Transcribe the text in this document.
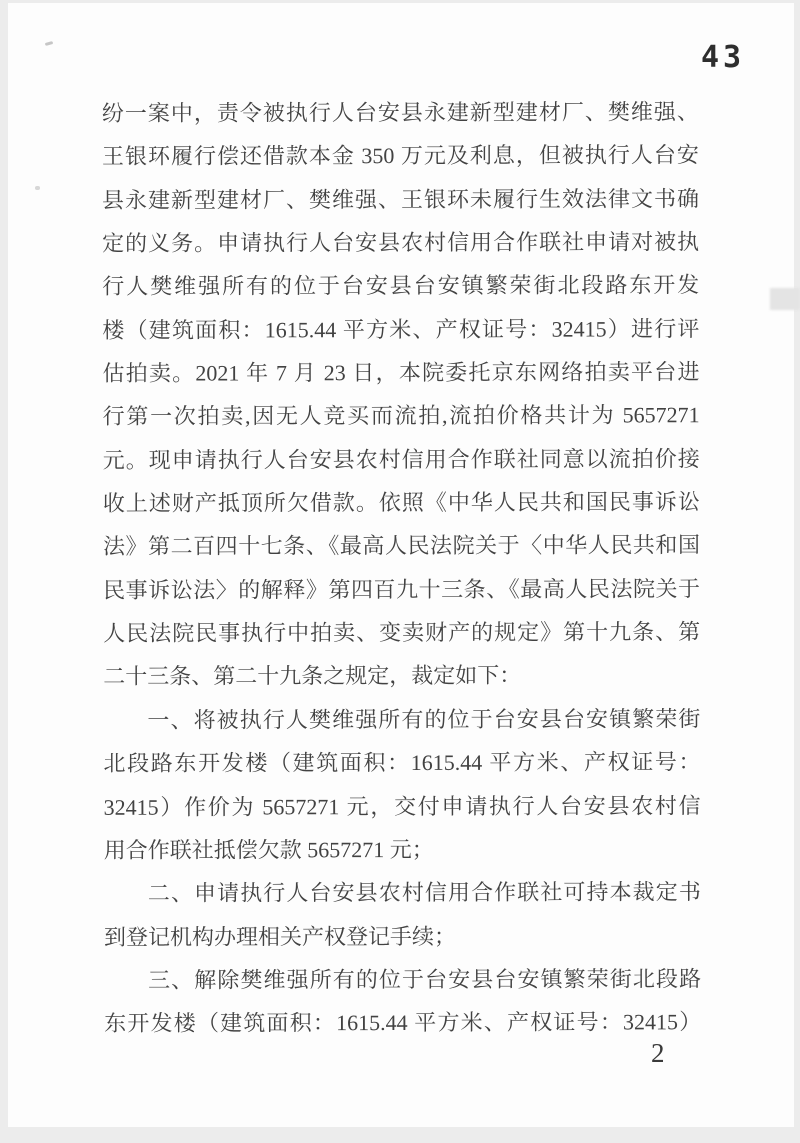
43
纷一案中，责令被执行人台安县永建新型建材厂、樊维强、
王银环履行偿还借款本金 350 万元及利息，但被执行人台安
县永建新型建材厂、樊维强、王银环未履行生效法律文书确
定的义务。申请执行人台安县农村信用合作联社申请对被执
行人樊维强所有的位于台安县台安镇繁荣街北段路东开发
楼（建筑面积：1615.44 平方米、产权证号：32415）进行评
估拍卖。2021 年 7 月 23 日，本院委托京东网络拍卖平台进
行第一次拍卖,因无人竞买而流拍,流拍价格共计为 5657271
元。现申请执行人台安县农村信用合作联社同意以流拍价接
收上述财产抵顶所欠借款。依照《中华人民共和国民事诉讼
法》第二百四十七条、《最高人民法院关于〈中华人民共和国
民事诉讼法〉的解释》第四百九十三条、《最高人民法院关于
人民法院民事执行中拍卖、变卖财产的规定》第十九条、第
二十三条、第二十九条之规定，裁定如下：
一、将被执行人樊维强所有的位于台安县台安镇繁荣街
北段路东开发楼（建筑面积：1615.44 平方米、产权证号：
32415）作价为 5657271 元，交付申请执行人台安县农村信
用合作联社抵偿欠款 5657271 元；
二、申请执行人台安县农村信用合作联社可持本裁定书
到登记机构办理相关产权登记手续；
三、解除樊维强所有的位于台安县台安镇繁荣街北段路
东开发楼（建筑面积：1615.44 平方米、产权证号：32415）
2
